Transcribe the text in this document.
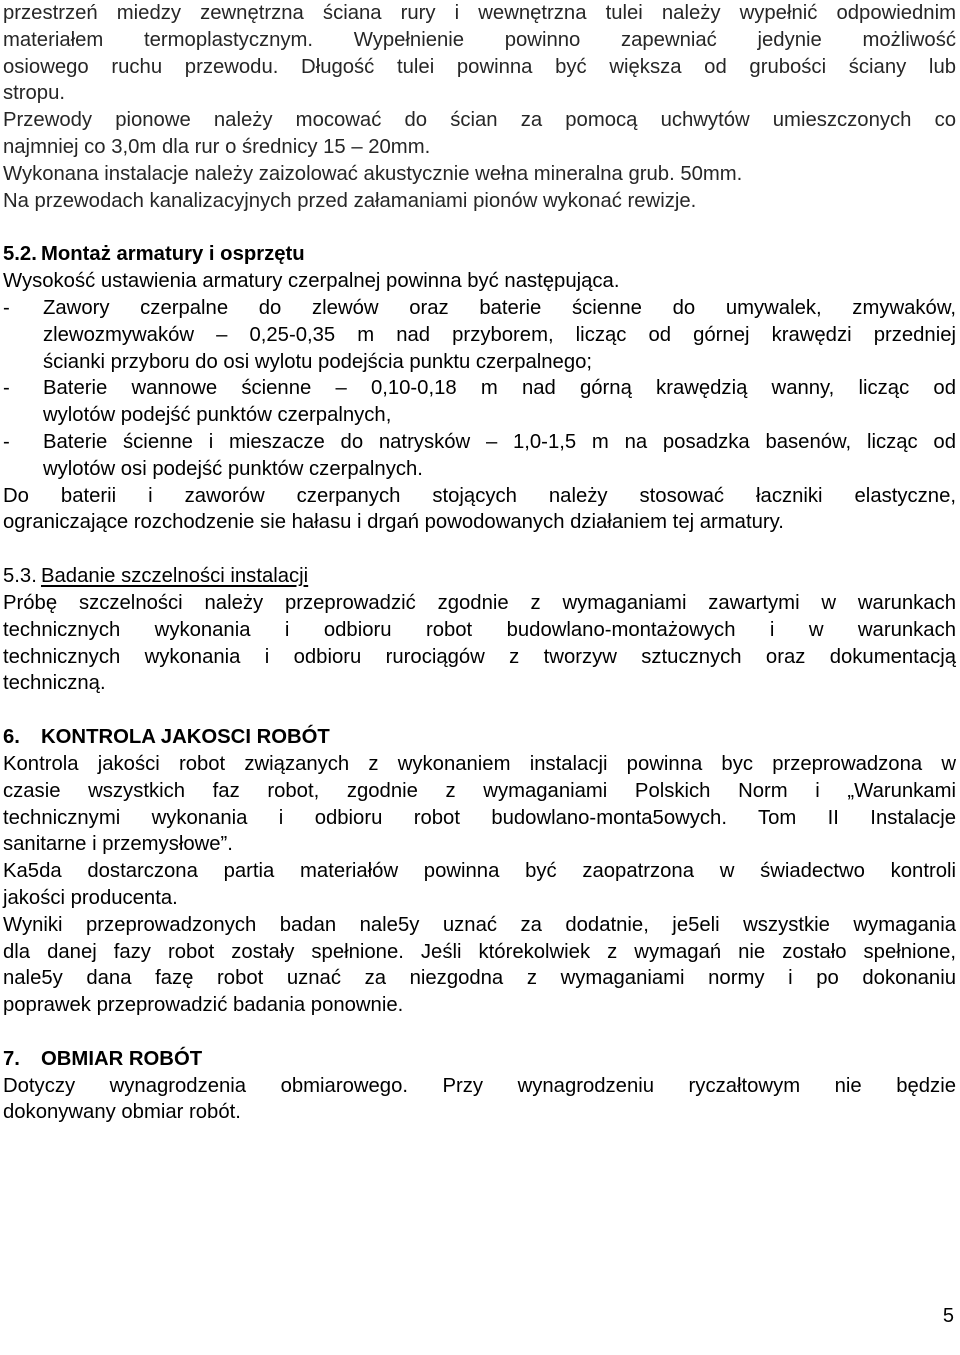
przestrzeń miedzy zewnętrzna ściana rury i wewnętrzna tulei należy wypełnić odpowiednim
materiałem termoplastycznym. Wypełnienie powinno zapewniać jedynie możliwość
osiowego ruchu przewodu. Długość tulei powinna być większa od grubości ściany lub
stropu.
Przewody pionowe należy mocować do ścian za pomocą uchwytów umieszczonych co
najmniej co 3,0m dla rur o średnicy 15 – 20mm.
Wykonana instalacje należy zaizolować akustycznie wełna mineralna grub. 50mm.
Na przewodach kanalizacyjnych przed załamaniami pionów wykonać rewizje.
5.2. Montaż armatury i osprzętu
Wysokość ustawienia armatury czerpalnej powinna być następująca.
- Zawory czerpalne do zlewów oraz baterie ścienne do umywalek, zmywaków,
zlewozmywaków – 0,25-0,35 m nad przyborem, licząc od górnej krawędzi przedniej
ścianki przyboru do osi wylotu podejścia punktu czerpalnego;
- Baterie wannowe ścienne – 0,10-0,18 m nad górną krawędzią wanny, licząc od
wylotów podejść punktów czerpalnych,
- Baterie ścienne i mieszacze do natrysków – 1,0-1,5 m na posadzka basenów, licząc od
wylotów osi podejść punktów czerpalnych.
Do baterii i zaworów czerpanych stojących należy stosować łaczniki elastyczne,
ograniczające rozchodzenie sie hałasu i drgań powodowanych działaniem tej armatury.
5.3. Badanie szczelności instalacji
Próbę szczelności należy przeprowadzić zgodnie z wymaganiami zawartymi w warunkach
technicznych wykonania i odbioru robot budowlano-montażowych i w warunkach
technicznych wykonania i odbioru rurociągów z tworzyw sztucznych oraz dokumentacją
techniczną.
6. KONTROLA JAKOSCI ROBÓT
Kontrola jakości robot związanych z wykonaniem instalacji powinna byc przeprowadzona w
czasie wszystkich faz robot, zgodnie z wymaganiami Polskich Norm i „Warunkami
technicznymi wykonania i odbioru robot budowlano-monta5owych. Tom II Instalacje
sanitarne i przemysłowe”.
Ka5da dostarczona partia materiałów powinna być zaopatrzona w świadectwo kontroli
jakości producenta.
Wyniki przeprowadzonych badan nale5y uznać za dodatnie, je5eli wszystkie wymagania
dla danej fazy robot zostały spełnione. Jeśli którekolwiek z wymagań nie zostało spełnione,
nale5y dana fazę robot uznać za niezgodna z wymaganiami normy i po dokonaniu
poprawek przeprowadzić badania ponownie.
7. OBMIAR ROBÓT
Dotyczy wynagrodzenia obmiarowego. Przy wynagrodzeniu ryczałtowym nie będzie
dokonywany obmiar robót.
5
